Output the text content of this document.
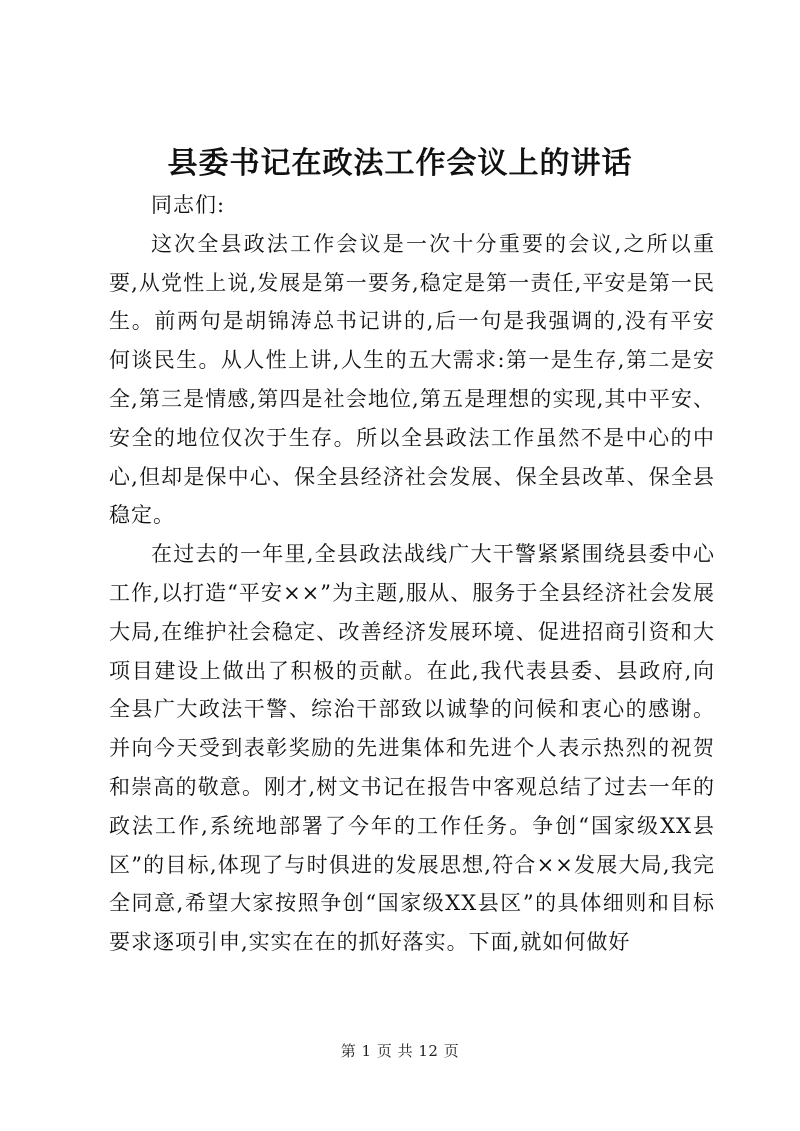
县委书记在政法工作会议上的讲话

同志们:

这次全县政法工作会议是一次十分重要的会议,之所以重要,从党性上说,发展是第一要务,稳定是第一责任,平安是第一民生。前两句是胡锦涛总书记讲的,后一句是我强调的,没有平安何谈民生。从人性上讲,人生的五大需求:第一是生存,第二是安全,第三是情感,第四是社会地位,第五是理想的实现,其中平安、安全的地位仅次于生存。所以全县政法工作虽然不是中心的中心,但却是保中心、保全县经济社会发展、保全县改革、保全县稳定。

在过去的一年里,全县政法战线广大干警紧紧围绕县委中心工作,以打造“平安××”为主题,服从、服务于全县经济社会发展大局,在维护社会稳定、改善经济发展环境、促进招商引资和大项目建设上做出了积极的贡献。在此,我代表县委、县政府,向全县广大政法干警、综治干部致以诚挚的问候和衷心的感谢。并向今天受到表彰奖励的先进集体和先进个人表示热烈的祝贺和崇高的敬意。刚才,树文书记在报告中客观总结了过去一年的政法工作,系统地部署了今年的工作任务。争创“国家级XX县区”的目标,体现了与时俱进的发展思想,符合××发展大局,我完全同意,希望大家按照争创“国家级XX县区”的具体细则和目标要求逐项引申,实实在在的抓好落实。下面,就如何做好

第 1 页 共 12 页
